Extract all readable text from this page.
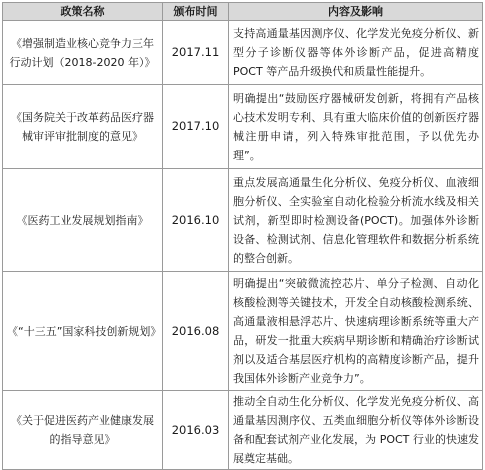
政策名称	颁布时间	内容及影响
《增强制造业核心竞争力三年行动计划（2018-2020 年）》	2017.11	支持高通量基因测序仪、化学发光免疫分析仪、新型分子诊断仪器等体外诊断产品，促进高精度 POCT 等产品升级换代和质量性能提升。
《国务院关于改革药品医疗器械审评审批制度的意见》	2017.10	明确提出“鼓励医疗器械研发创新，将拥有产品核心技术发明专利、具有重大临床价值的创新医疗器械注册申请，列入特殊审批范围，予以优先办理”。
《医药工业发展规划指南》	2016.10	重点发展高通量生化分析仪、免疫分析仪、血液细胞分析仪、全实验室自动化检验分析流水线及相关试剂，新型即时检测设备(POCT)。加强体外诊断设备、检测试剂、信息化管理软件和数据分析系统的整合创新。
《“十三五”国家科技创新规划》	2016.08	明确提出“突破微流控芯片、单分子检测、自动化核酸检测等关键技术，开发全自动核酸检测系统、高通量液相悬浮芯片、快速病理诊断系统等重大产品，研发一批重大疾病早期诊断和精确治疗诊断试剂以及适合基层医疗机构的高精度诊断产品，提升我国体外诊断产业竞争力”。
《关于促进医药产业健康发展的指导意见》	2016.03	推动全自动生化分析仪、化学发光免疫分析仪、高通量基因测序仪、五类血细胞分析仪等体外诊断设备和配套试剂产业化发展，为 POCT 行业的快速发展奠定基础。
